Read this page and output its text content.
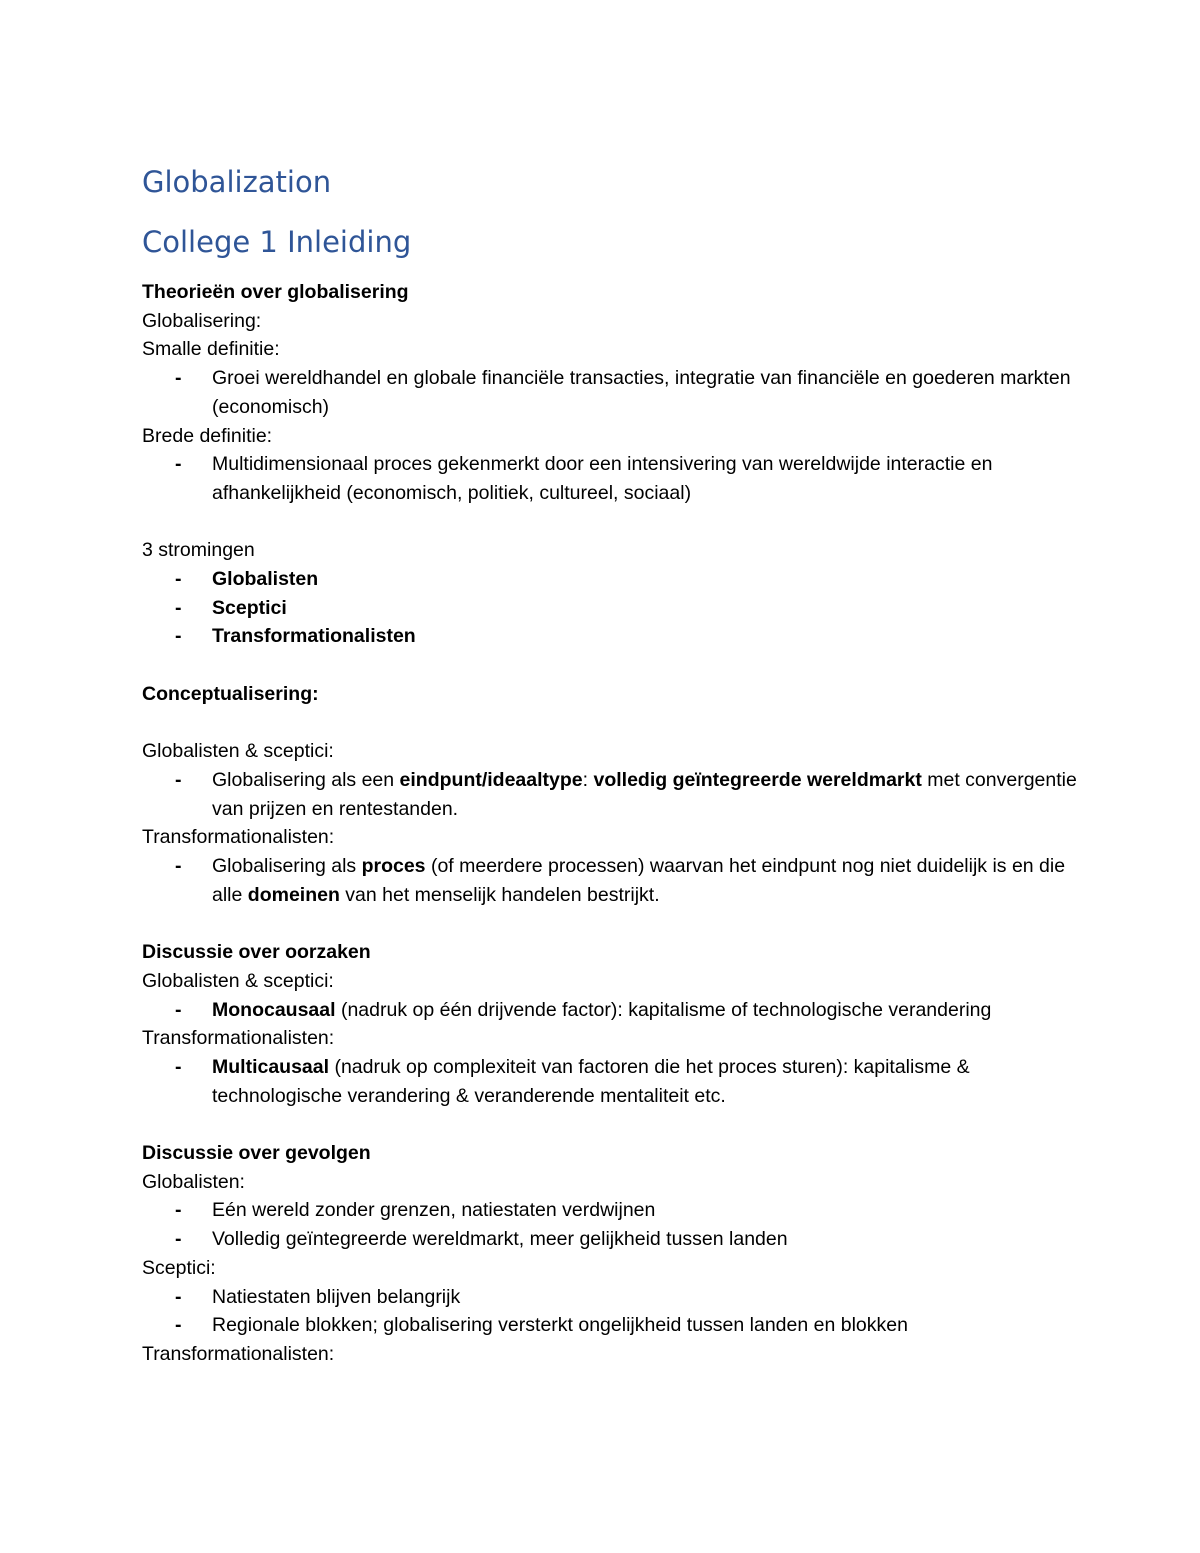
Globalization
College 1 Inleiding

Theorieën over globalisering

Globalisering:

Smalle definitie:

- Groei wereldhandel en globale financiële transacties, integratie van financiële en goederen markten (economisch)

Brede definitie:

- Multidimensionaal proces gekenmerkt door een intensivering van wereldwijde interactie en afhankelijkheid (economisch, politiek, cultureel, sociaal)

3 stromingen

- Globalisten

- Sceptici

- Transformationalisten

Conceptualisering:

Globalisten & sceptici:

- Globalisering als een eindpunt/ideaaltype: volledig geïntegreerde wereldmarkt met convergentie van prijzen en rentestanden.

Transformationalisten:

- Globalisering als proces (of meerdere processen) waarvan het eindpunt nog niet duidelijk is en die alle domeinen van het menselijk handelen bestrijkt.

Discussie over oorzaken

Globalisten & sceptici:

- Monocausaal (nadruk op één drijvende factor): kapitalisme of technologische verandering

Transformationalisten:

- Multicausaal (nadruk op complexiteit van factoren die het proces sturen): kapitalisme & technologische verandering & veranderende mentaliteit etc.

Discussie over gevolgen

Globalisten:

- Eén wereld zonder grenzen, natiestaten verdwijnen

- Volledig geïntegreerde wereldmarkt, meer gelijkheid tussen landen

Sceptici:

- Natiestaten blijven belangrijk

- Regionale blokken; globalisering versterkt ongelijkheid tussen landen en blokken

Transformationalisten:
